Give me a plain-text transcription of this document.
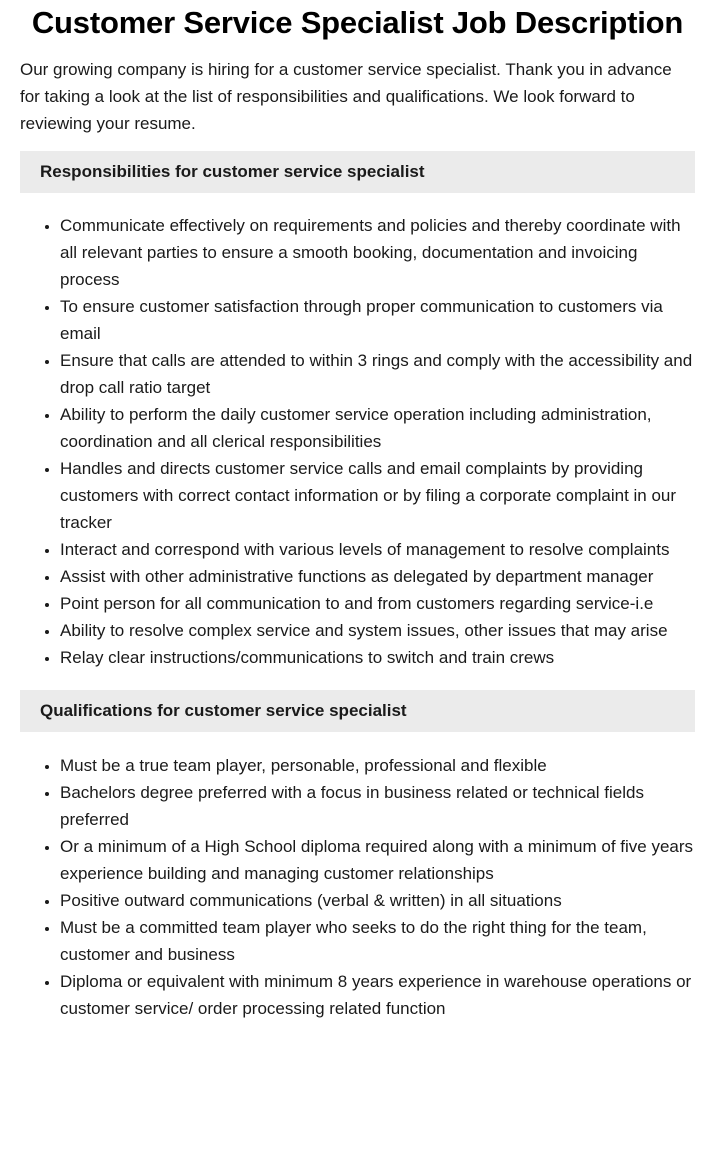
Customer Service Specialist Job Description

Our growing company is hiring for a customer service specialist. Thank you in advance for taking a look at the list of responsibilities and qualifications. We look forward to reviewing your resume.

Responsibilities for customer service specialist
• Communicate effectively on requirements and policies and thereby coordinate with all relevant parties to ensure a smooth booking, documentation and invoicing process
• To ensure customer satisfaction through proper communication to customers via email
• Ensure that calls are attended to within 3 rings and comply with the accessibility and drop call ratio target
• Ability to perform the daily customer service operation including administration, coordination and all clerical responsibilities
• Handles and directs customer service calls and email complaints by providing customers with correct contact information or by filing a corporate complaint in our tracker
• Interact and correspond with various levels of management to resolve complaints
• Assist with other administrative functions as delegated by department manager
• Point person for all communication to and from customers regarding service-i.e
• Ability to resolve complex service and system issues, other issues that may arise
• Relay clear instructions/communications to switch and train crews
Qualifications for customer service specialist
• Must be a true team player, personable, professional and flexible
• Bachelors degree preferred with a focus in business related or technical fields preferred
• Or a minimum of a High School diploma required along with a minimum of five years experience building and managing customer relationships
• Positive outward communications (verbal & written) in all situations
• Must be a committed team player who seeks to do the right thing for the team, customer and business
• Diploma or equivalent with minimum 8 years experience in warehouse operations or customer service/ order processing related function
